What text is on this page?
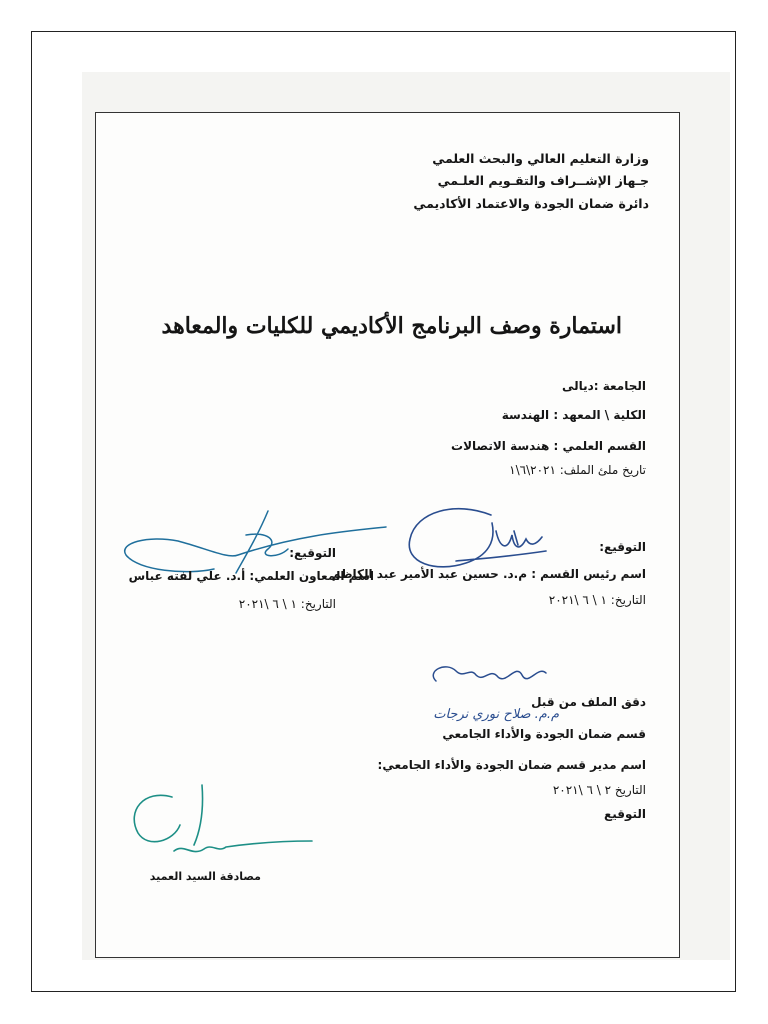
وزارة التعليم العالي والبحث العلمي
جـهاز الإشــراف والتقـويم العلـمي
دائرة ضمان الجودة والاعتماد الأكاديمي
استمارة وصف البرنامج الأكاديمي للكليات والمعاهد
الجامعة :ديالى
الكلية \ المعهد : الهندسة
القسم العلمي : هندسة الاتصالات
تاريخ ملئ الملف: ٢٠٢١\٦\١
التوقيع:
اسم رئيس القسم : م.د. حسين عبد الأمير عبد الكاظم
التاريخ: ١ \ ٦ \٢٠٢١
التوقيع:
اسم المعاون العلمي: أ.د. علي لفته عباس
التاريخ: ١ \ ٦ \٢٠٢١
دقق الملف من قبل
م.م. صلاح نوري نرجات
قسم ضمان الجودة والأداء الجامعي
اسم مدير قسم ضمان الجودة والأداء الجامعي:
التاريخ ٢ \ ٦ \٢٠٢١
التوقيع
مصادقة السيد العميد
